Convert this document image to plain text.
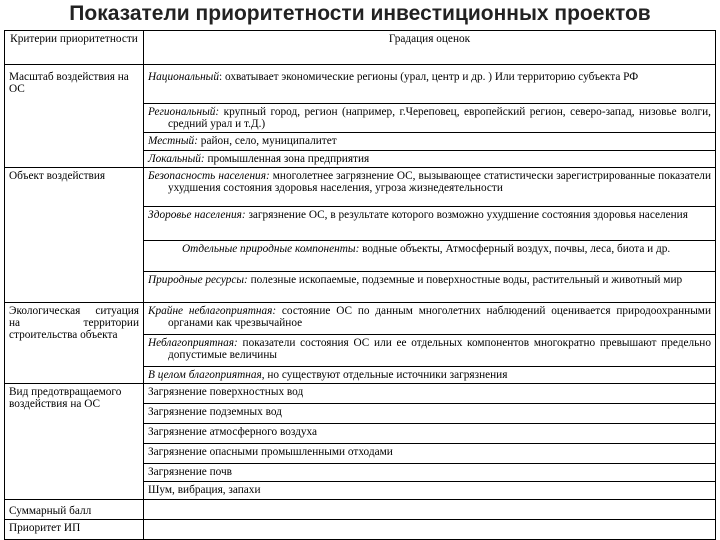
Показатели приоритетности инвестиционных проектов
Критерии приоритетности	Градация оценок
Масштаб воздействия на ОС	Национальный: охватывает экономические регионы (урал, центр и др. ) Или территорию субъекта РФ
	Региональный: крупный город, регион (например, г.Череповец, европейский регион, северо-запад, низовье волги, средний урал и т.Д.)
	Местный: район, село, муниципалитет
	Локальный: промышленная зона предприятия
Объект воздействия	Безопасность населения: многолетнее загрязнение ОС, вызывающее статистически зарегистрированные показатели ухудшения состояния здоровья населения, угроза жизнедеятельности
	Здоровье населения: загрязнение ОС, в результате которого возможно ухудшение состояния здоровья населения
	Отдельные природные компоненты: водные объекты, Атмосферный воздух, почвы, леса, биота и др.
	Природные ресурсы: полезные ископаемые, подземные и поверхностные воды, растительный и животный мир
Экологическая ситуация на территории строительства объекта	Крайне неблагоприятная: состояние ОС по данным многолетних наблюдений оценивается природоохранными органами как чрезвычайное
	Неблагоприятная: показатели состояния ОС или ее отдельных компонентов многократно превышают предельно допустимые величины
	В целом благоприятная, но существуют отдельные источники загрязнения
Вид предотвращаемого воздействия на ОС	Загрязнение поверхностных вод
	Загрязнение подземных вод
	Загрязнение атмосферного воздуха
	Загрязнение опасными промышленными отходами
	Загрязнение почв
	Шум, вибрация, запахи
Суммарный балл	
Приоритет ИП	
